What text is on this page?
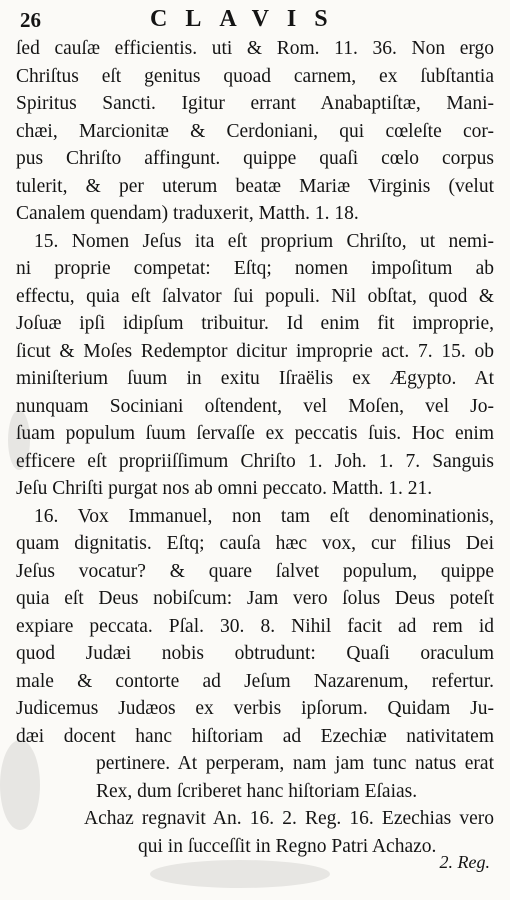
26	CLAVIS
ſed cauſæ efficientis. uti & Rom. 11. 36. Non ergo
Chriſtus eſt genitus quoad carnem, ex ſubſtantia
Spiritus Sancti. Igitur errant Anabaptiſtæ, Mani-
chæi, Marcionitæ & Cerdoniani, qui cœleſte cor-
pus Chriſto affingunt. quippe quaſi cœlo corpus
tulerit, & per uterum beatæ Mariæ Virginis (velut
Canalem quendam) traduxerit, Matth. 1. 18.
15. Nomen Jeſus ita eſt proprium Chriſto, ut nemi-
ni proprie competat: Eſtq; nomen impoſitum ab
effectu, quia eſt ſalvator ſui populi. Nil obſtat, quod &
Joſuæ ipſi idipſum tribuitur. Id enim fit improprie,
ſicut & Moſes Redemptor dicitur improprie act. 7. 15. ob
miniſterium ſuum in exitu Iſraëlis ex Ægypto. At
nunquam Sociniani oſtendent, vel Moſen, vel Jo-
ſuam populum ſuum ſervaſſe ex peccatis ſuis. Hoc enim
efficere eſt propriiſſimum Chriſto 1. Joh. 1. 7. Sanguis
Jeſu Chriſti purgat nos ab omni peccato. Matth. 1. 21.
16. Vox Immanuel, non tam eſt denominationis,
quam dignitatis. Eſtq; cauſa hæc vox, cur filius Dei
Jeſus vocatur? & quare ſalvet populum, quippe
quia eſt Deus nobiſcum: Jam vero ſolus Deus poteſt
expiare peccata. Pſal. 30. 8. Nihil facit ad rem id
quod Judæi nobis obtrudunt: Quaſi oraculum
male & contorte ad Jeſum Nazarenum, refertur.
Judicemus Judæos ex verbis ipſorum. Quidam Ju-
dæi docent hanc hiſtoriam ad Ezechiæ nativitatem
pertinere. At perperam, nam jam tunc natus erat
Rex, dum ſcriberet hanc hiſtoriam Eſaias.
Achaz regnavit An. 16. 2. Reg. 16. Ezechias vero
qui in ſucceſſit in Regno Patri Achazo.
2. Reg.
